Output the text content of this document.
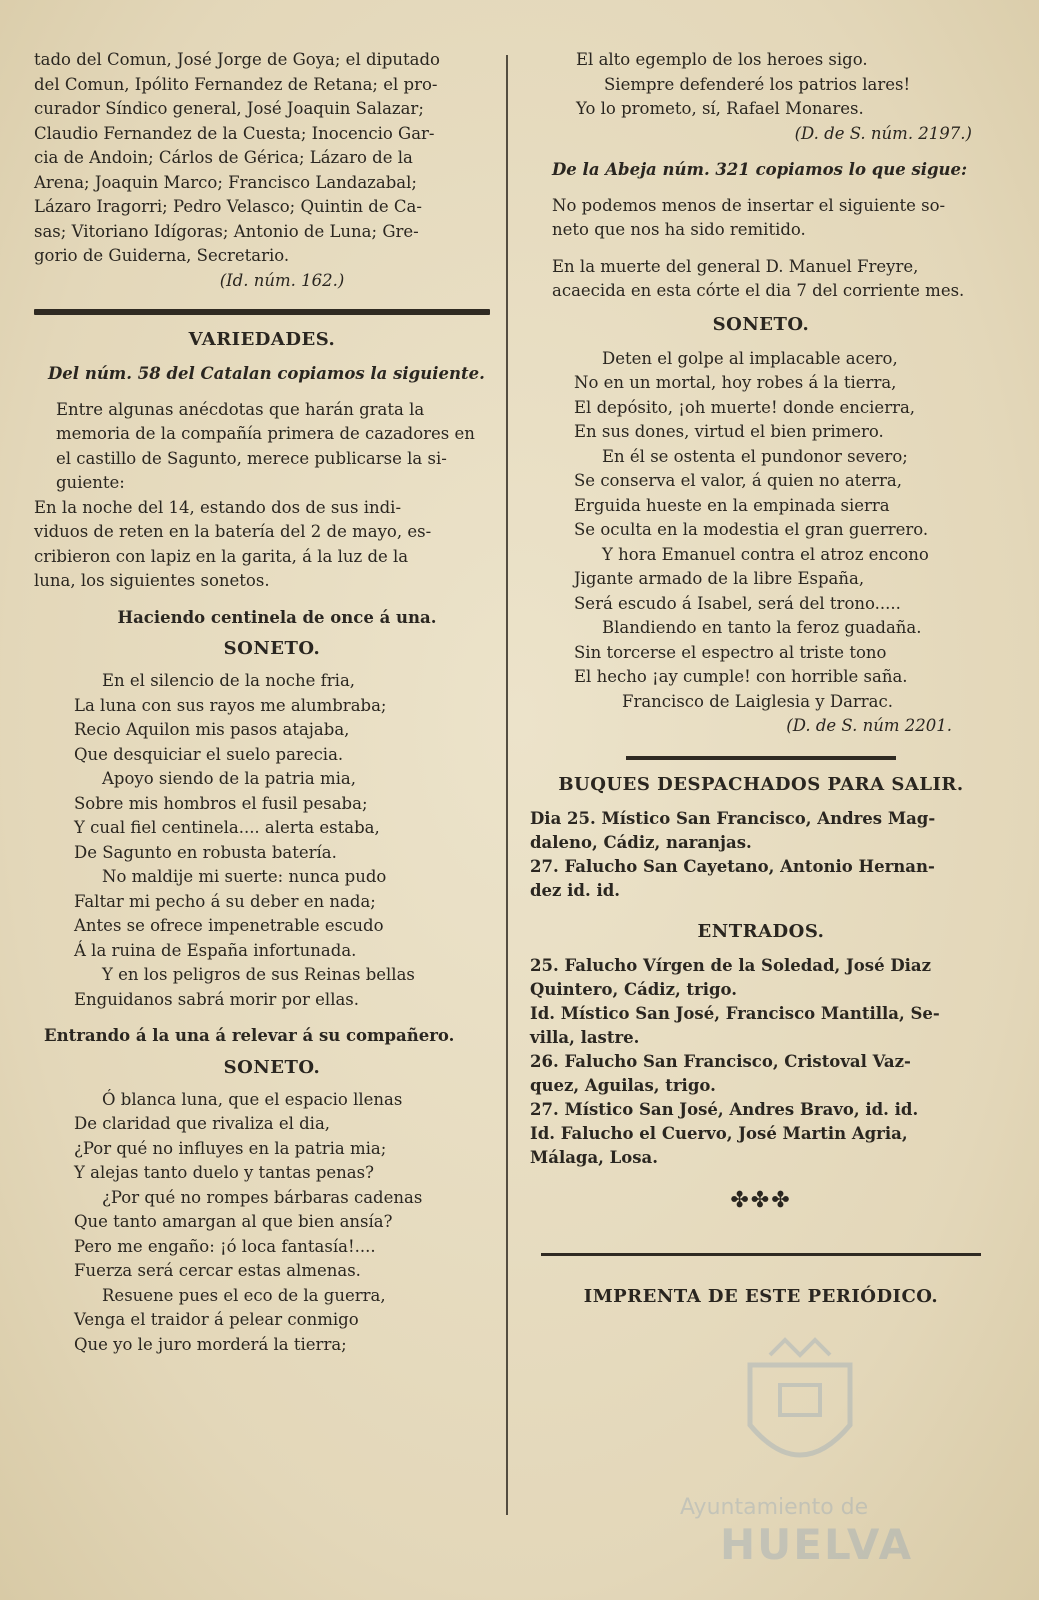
tado del Comun, José Jorge de Goya; el diputado
del Comun, Ipólito Fernandez de Retana; el pro-
curador Síndico general, José Joaquin Salazar;
Claudio Fernandez de la Cuesta; Inocencio Gar-
cia de Andoin; Cárlos de Gérica; Lázaro de la
Arena; Joaquin Marco; Francisco Landazabal;
Lázaro Iragorri; Pedro Velasco; Quintin de Ca-
sas; Vitoriano Idígoras; Antonio de Luna; Gre-
gorio de Guiderna, Secretario.

(Id. núm. 162.)

VARIEDADES.

Del núm. 58 del Catalan copiamos la siguiente.

Entre algunas anécdotas que harán grata la
memoria de la compañía primera de cazadores en
el castillo de Sagunto, merece publicarse la si-
guiente:
En la noche del 14, estando dos de sus indi-
viduos de reten en la batería del 2 de mayo, es-
cribieron con lapiz en la garita, á la luz de la
luna, los siguientes sonetos.

Haciendo centinela de once á una.

SONETO.
En el silencio de la noche fria,
La luna con sus rayos me alumbraba;
Recio Aquilon mis pasos atajaba,
Que desquiciar el suelo parecia.
Apoyo siendo de la patria mia,
Sobre mis hombros el fusil pesaba;
Y cual fiel centinela.... alerta estaba,
De Sagunto en robusta batería.
No maldije mi suerte: nunca pudo
Faltar mi pecho á su deber en nada;
Antes se ofrece impenetrable escudo
Á la ruina de España infortunada.
Y en los peligros de sus Reinas bellas
Enguidanos sabrá morir por ellas.

Entrando á la una á relevar á su compañero.

SONETO.
Ó blanca luna, que el espacio llenas
De claridad que rivaliza el dia,
¿Por qué no influyes en la patria mia;
Y alejas tanto duelo y tantas penas?
¿Por qué no rompes bárbaras cadenas
Que tanto amargan al que bien ansía?
Pero me engaño: ¡ó loca fantasía!....
Fuerza será cercar estas almenas.
Resuene pues el eco de la guerra,
Venga el traidor á pelear conmigo
Que yo le juro morderá la tierra;
El alto egemplo de los heroes sigo.
Siempre defenderé los patrios lares!
Yo lo prometo, sí, Rafael Monares.

(D. de S. núm. 2197.)

De la Abeja núm. 321 copiamos lo que sigue:

No podemos menos de insertar el siguiente so-
neto que nos ha sido remitido.
En la muerte del general D. Manuel Freyre,
acaecida en esta córte el dia 7 del corriente mes.
SONETO.
Deten el golpe al implacable acero,
No en un mortal, hoy robes á la tierra,
El depósito, ¡oh muerte! donde encierra,
En sus dones, virtud el bien primero.
En él se ostenta el pundonor severo;
Se conserva el valor, á quien no aterra,
Erguida hueste en la empinada sierra
Se oculta en la modestia el gran guerrero.
Y hora Emanuel contra el atroz encono
Jigante armado de la libre España,
Será escudo á Isabel, será del trono.....
Blandiendo en tanto la feroz guadaña.
Sin torcerse el espectro al triste tono
El hecho ¡ay cumple! con horrible saña.
Francisco de Laiglesia y Darrac.

(D. de S. núm 2201.

BUQUES DESPACHADOS PARA SALIR.
Dia 25. Místico San Francisco, Andres Mag-
daleno, Cádiz, naranjas.
27. Falucho San Cayetano, Antonio Hernan-
dez id. id.
ENTRADOS.
25. Falucho Vírgen de la Soledad, José Diaz
Quintero, Cádiz, trigo.
Id. Místico San José, Francisco Mantilla, Se-
villa, lastre.
26. Falucho San Francisco, Cristoval Vaz-
quez, Aguilas, trigo.
27. Místico San José, Andres Bravo, id. id.
Id. Falucho el Cuervo, José Martin Agria,
Málaga, Losa.
✤✤✤
IMPRENTA DE ESTE PERIÓDICO.
Ayuntamiento de
HUELVA
